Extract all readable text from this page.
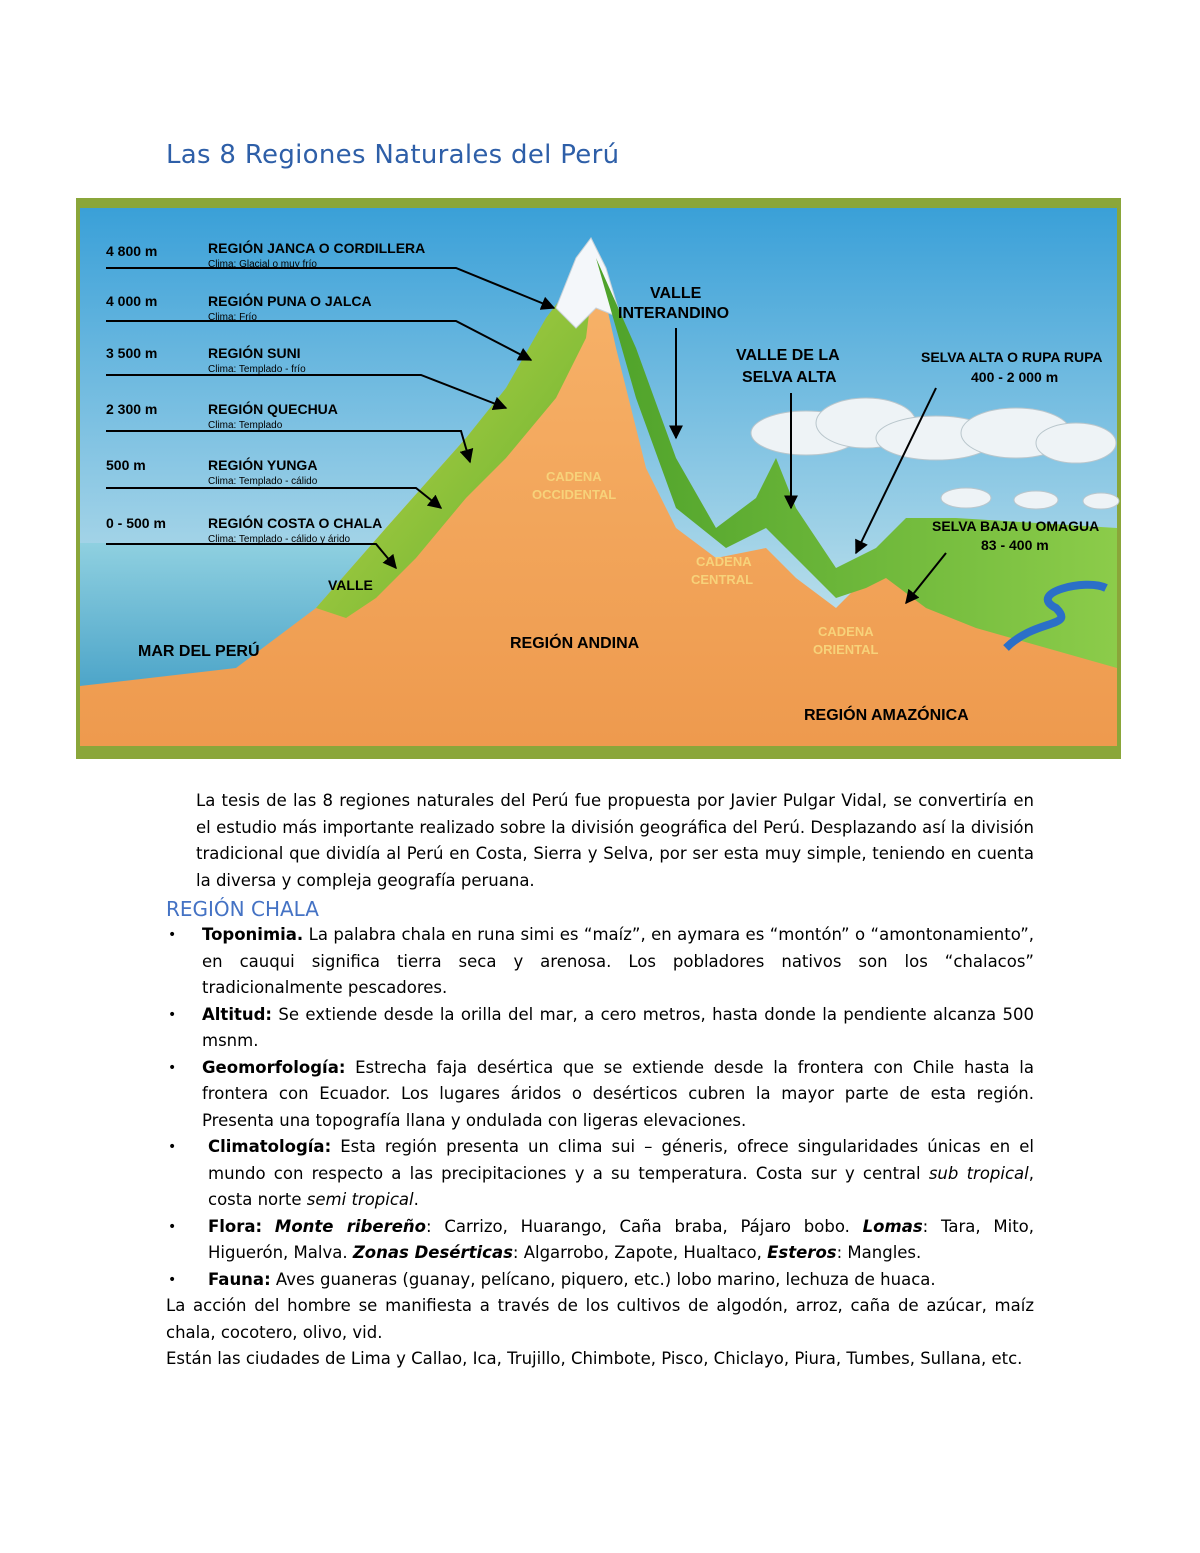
Las 8 Regiones Naturales del Perú
4 800 m	REGIÓN JANCA O CORDILLERA
Clima: Glacial o muy frío
4 000 m	REGIÓN PUNA O JALCA
Clima: Frío
3 500 m	REGIÓN SUNI
Clima: Templado - frío
2 300 m	REGIÓN QUECHUA
Clima: Templado
500 m	REGIÓN YUNGA
Clima: Templado - cálido
0 - 500 m	REGIÓN COSTA O CHALA
Clima: Templado - cálido y árido
VALLE
INTERANDINO
VALLE DE LA
SELVA ALTA
SELVA ALTA O RUPA RUPA
400 - 2 000 m
SELVA BAJA U OMAGUA
83 - 400 m
CADENA
OCCIDENTAL
CADENA
CENTRAL
CADENA
ORIENTAL
VALLE
MAR DEL PERÚ	REGIÓN ANDINA
REGIÓN AMAZÓNICA

La tesis de las 8 regiones naturales del Perú fue propuesta por Javier Pulgar Vidal, se convertiría en el estudio más importante realizado sobre la división geográfica del Perú. Desplazando así la división tradicional que dividía al Perú en Costa, Sierra y Selva, por ser esta muy simple, teniendo en cuenta la diversa y compleja geografía peruana.

REGIÓN CHALA
• Toponimia. La palabra chala en runa simi es “maíz”, en aymara es “montón” o “amontonamiento”, en cauqui significa tierra seca y arenosa. Los pobladores nativos son los “chalacos” tradicionalmente pescadores.
• Altitud: Se extiende desde la orilla del mar, a cero metros, hasta donde la pendiente alcanza 500 msnm.
• Geomorfología: Estrecha faja desértica que se extiende desde la frontera con Chile hasta la frontera con Ecuador. Los lugares áridos o desérticos cubren la mayor parte de esta región. Presenta una topografía llana y ondulada con ligeras elevaciones.
• Climatología: Esta región presenta un clima sui – géneris, ofrece singularidades únicas en el mundo con respecto a las precipitaciones y a su temperatura. Costa sur y central sub tropical, costa norte semi tropical.
• Flora: Monte ribereño: Carrizo, Huarango, Caña braba, Pájaro bobo. Lomas: Tara, Mito, Higuerón, Malva. Zonas Desérticas: Algarrobo, Zapote, Hualtaco, Esteros: Mangles.
• Fauna: Aves guaneras (guanay, pelícano, piquero, etc.) lobo marino, lechuza de huaca.

La acción del hombre se manifiesta a través de los cultivos de algodón, arroz, caña de azúcar, maíz chala, cocotero, olivo, vid.

Están las ciudades de Lima y Callao, Ica, Trujillo, Chimbote, Pisco, Chiclayo, Piura, Tumbes, Sullana, etc.
